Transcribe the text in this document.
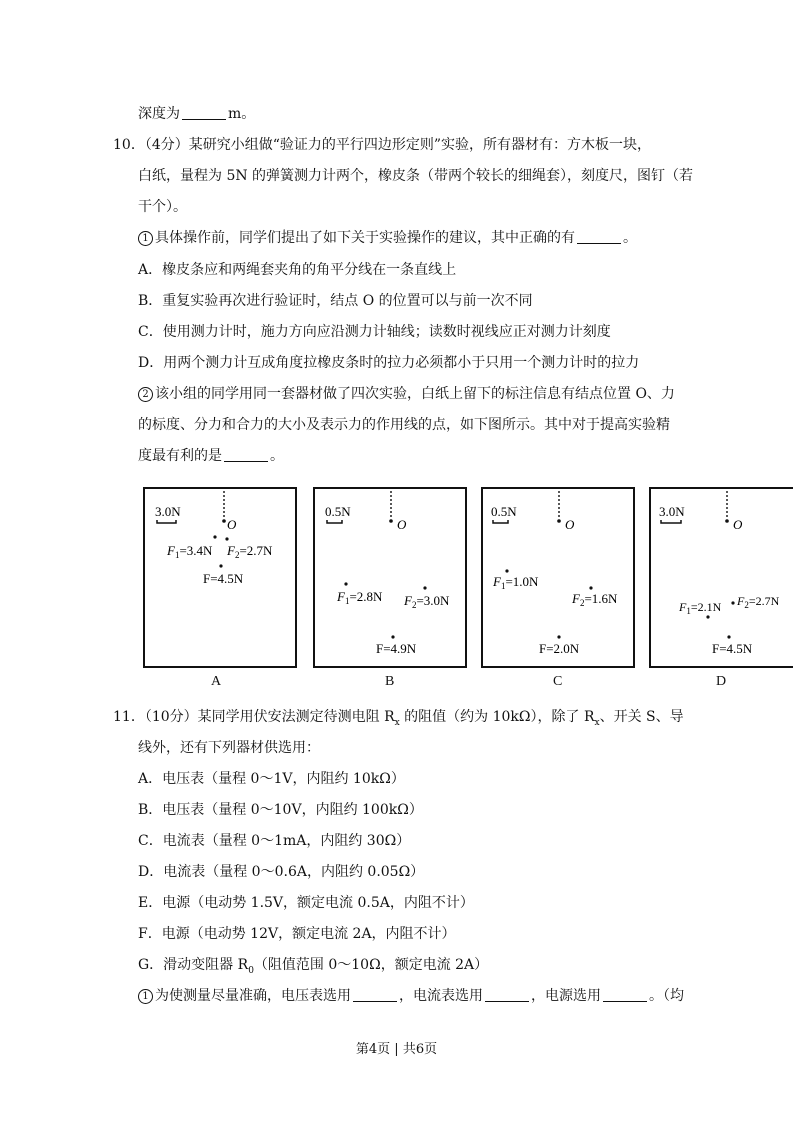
深度为	m。
10．（4分）某研究小组做“验证力的平行四边形定则”实验，所有器材有：方木板一块，
白纸，量程为 5N 的弹簧测力计两个，橡皮条（带两个较长的细绳套），刻度尺，图钉（若
干个）。
1 具体操作前，同学们提出了如下关于实验操作的建议，其中正确的有	。
A．橡皮条应和两绳套夹角的角平分线在一条直线上
B．重复实验再次进行验证时，结点 O 的位置可以与前一次不同
C．使用测力计时，施力方向应沿测力计轴线；读数时视线应正对测力计刻度
D．用两个测力计互成角度拉橡皮条时的拉力必须都小于只用一个测力计时的拉力
2 该小组的同学用同一套器材做了四次实验，白纸上留下的标注信息有结点位置 O、力
的标度、分力和合力的大小及表示力的作用线的点，如下图所示。其中对于提高实验精
度最有利的是	。
3.0N
O
$F_1=3.4N$ $F_2=2.7N$
F=4.5N
0.5N
O
$F_1=2.8N$ $F_2=3.0N$
F=4.9N
0.5N
O
$F_1=1.0N$
$F_2=1.6N$
F=2.0N
3.0N
O
$F_1=2.1N$ $F_2=2.7N$
F=4.5N
A	B	C	D
11．（10分）某同学用伏安法测定待测电阻 $R_x$ 的阻值（约为 10kΩ），除了 $R_x$、开关 S、导
线外，还有下列器材供选用：
A．电压表（量程 0～1V，内阻约 10kΩ）
B．电压表（量程 0～10V，内阻约 100kΩ）
C．电流表（量程 0～1mA，内阻约 30Ω）
D．电流表（量程 0～0.6A，内阻约 0.05Ω）
E．电源（电动势 1.5V，额定电流 0.5A，内阻不计）
F．电源（电动势 12V，额定电流 2A，内阻不计）
G．滑动变阻器 $R_0$（阻值范围 0～10Ω，额定电流 2A）
1 为使测量尽量准确，电压表选用	，电流表选用	，电源选用	。（均
第4页 | 共6页
